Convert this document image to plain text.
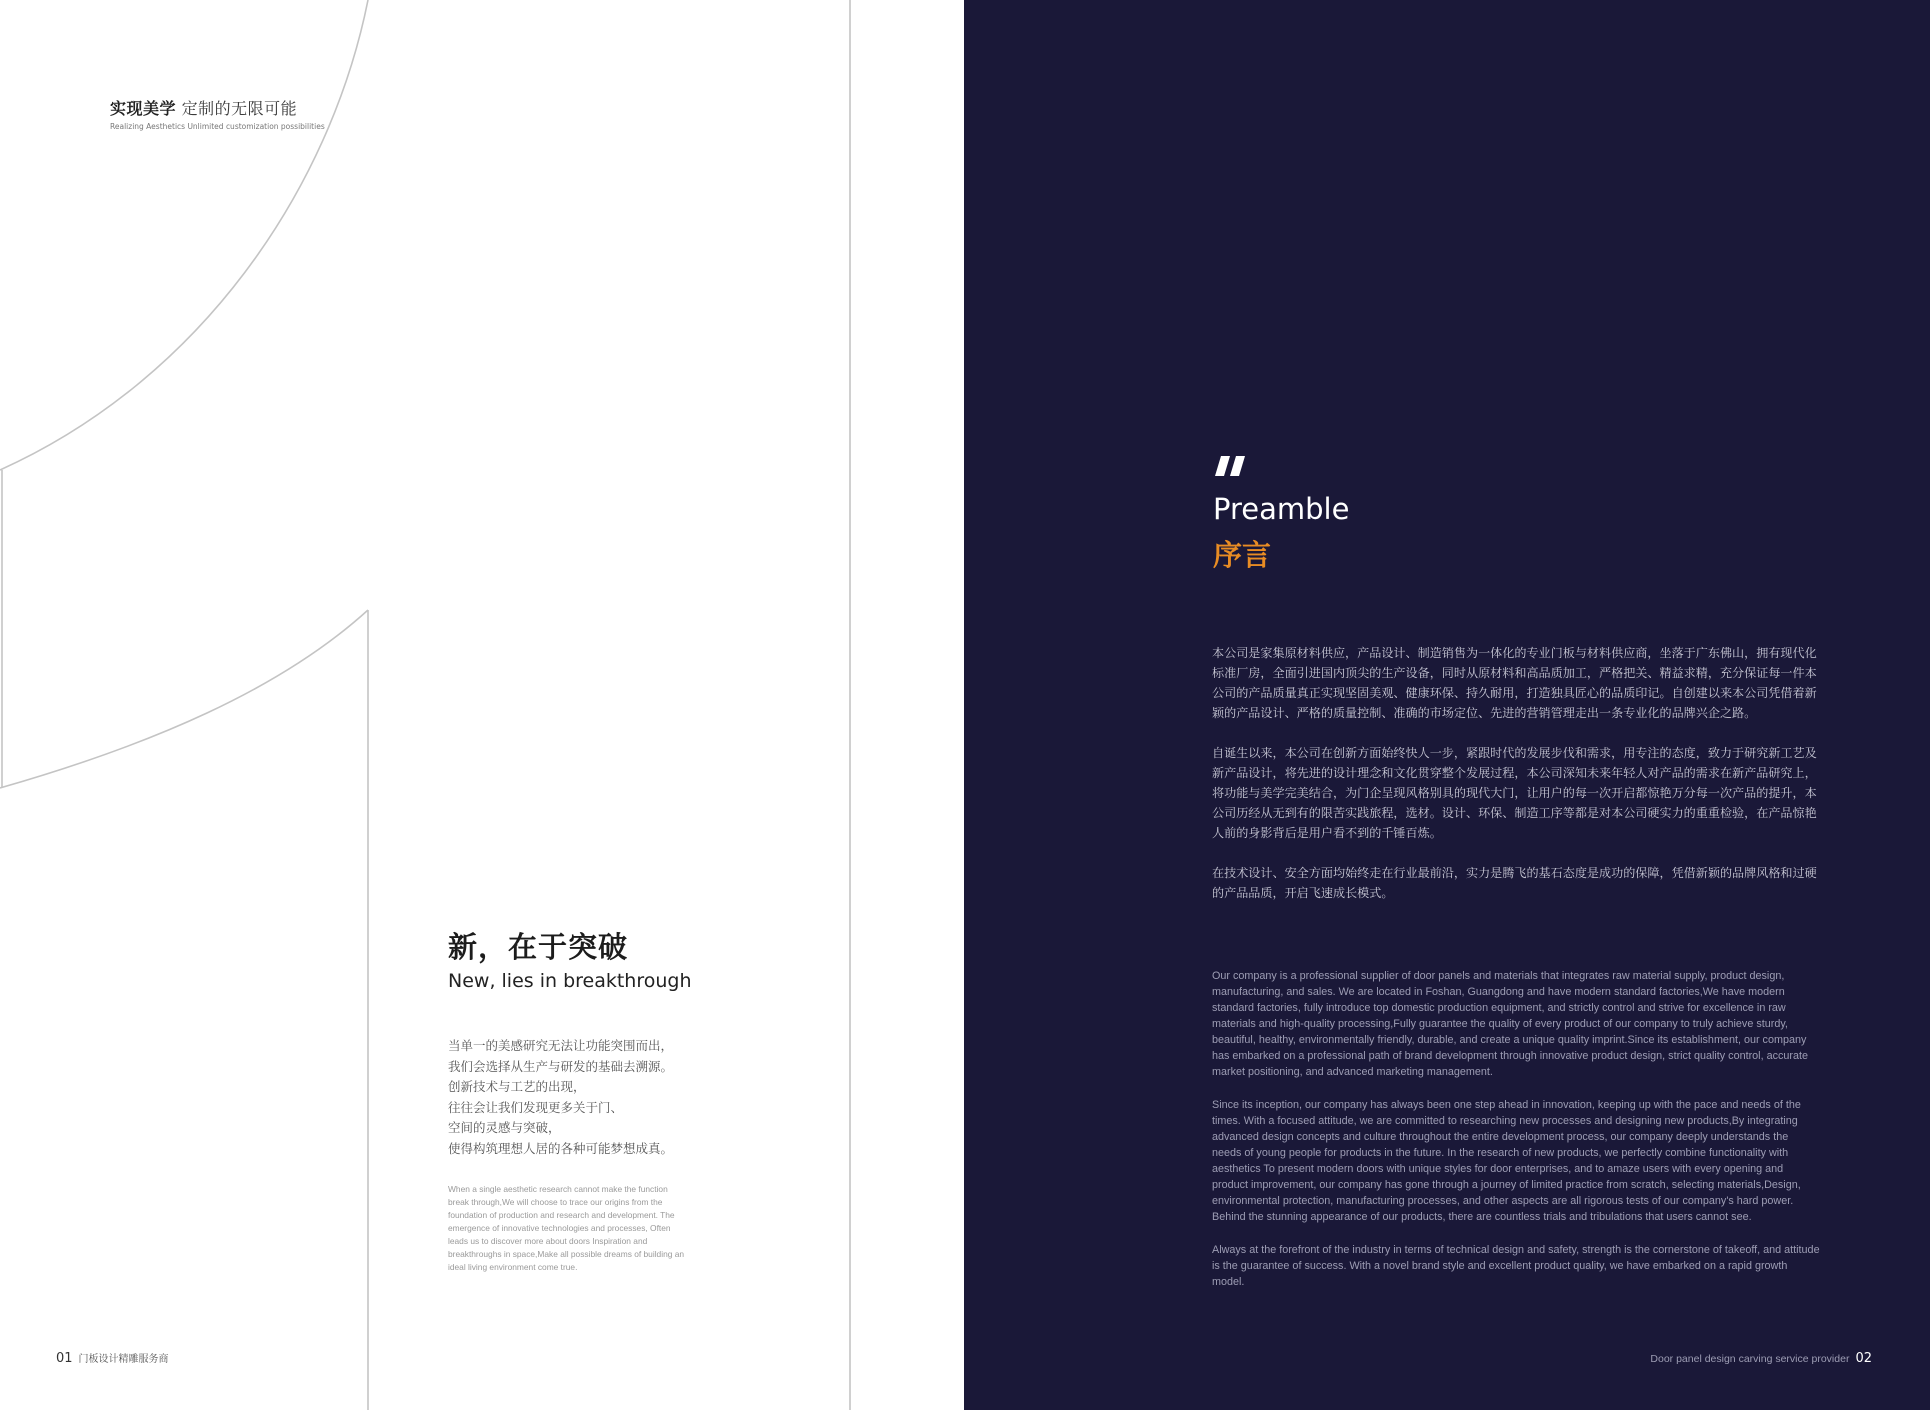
实现美学 定制的无限可能
Realizing Aesthetics Unlimited customization possibilities
新，在于突破
New, lies in breakthrough
当单一的美感研究无法让功能突围而出，
我们会选择从生产与研发的基础去溯源。
创新技术与工艺的出现，
往往会让我们发现更多关于门、
空间的灵感与突破，
使得构筑理想人居的各种可能梦想成真。
When a single aesthetic research cannot make the function break through,We will choose to trace our origins from the foundation of production and research and development. The emergence of innovative technologies and processes, Often leads us to discover more about doors Inspiration and breakthroughs in space,Make all possible dreams of building an ideal living environment come true.
01 门板设计精雕服务商
Preamble
序言

本公司是家集原材料供应，产品设计、制造销售为一体化的专业门板与材料供应商，坐落于广东佛山，拥有现代化标准厂房，全面引进国内顶尖的生产设备，同时从原材料和高品质加工，严格把关、精益求精，充分保证每一件本公司的产品质量真正实现坚固美观、健康环保、持久耐用，打造独具匠心的品质印记。自创建以来本公司凭借着新颖的产品设计、严格的质量控制、准确的市场定位、先进的营销管理走出一条专业化的品牌兴企之路。

自诞生以来，本公司在创新方面始终快人一步，紧跟时代的发展步伐和需求，用专注的态度，致力于研究新工艺及新产品设计，将先进的设计理念和文化贯穿整个发展过程，本公司深知未来年轻人对产品的需求在新产品研究上，将功能与美学完美结合，为门企呈现风格别具的现代大门，让用户的每一次开启都惊艳万分每一次产品的提升，本公司历经从无到有的限苦实践旅程，选材。设计、环保、制造工序等都是对本公司硬实力的重重检验，在产品惊艳人前的身影背后是用户看不到的千锤百炼。

在技术设计、安全方面均始终走在行业最前沿，实力是腾飞的基石态度是成功的保障，凭借新颖的品牌风格和过硬的产品品质，开启飞速成长模式。

Our company is a professional supplier of door panels and materials that integrates raw material supply, product design, manufacturing, and sales. We are located in Foshan, Guangdong and have modern standard factories,We have modern standard factories, fully introduce top domestic production equipment, and strictly control and strive for excellence in raw materials and high-quality processing,Fully guarantee the quality of every product of our company to truly achieve sturdy, beautiful, healthy, environmentally friendly, durable, and create a unique quality imprint.Since its establishment, our company has embarked on a professional path of brand development through innovative product design, strict quality control, accurate market positioning, and advanced marketing management.

Since its inception, our company has always been one step ahead in innovation, keeping up with the pace and needs of the times. With a focused attitude, we are committed to researching new processes and designing new products,By integrating advanced design concepts and culture throughout the entire development process, our company deeply understands the needs of young people for products in the future. In the research of new products, we perfectly combine functionality with aesthetics To present modern doors with unique styles for door enterprises, and to amaze users with every opening and product improvement, our company has gone through a journey of limited practice from scratch, selecting materials,Design, environmental protection, manufacturing processes, and other aspects are all rigorous tests of our company's hard power. Behind the stunning appearance of our products, there are countless trials and tribulations that users cannot see.

Always at the forefront of the industry in terms of technical design and safety, strength is the cornerstone of takeoff, and attitude is the guarantee of success. With a novel brand style and excellent product quality, we have embarked on a rapid growth model.

Door panel design carving service provider 02
